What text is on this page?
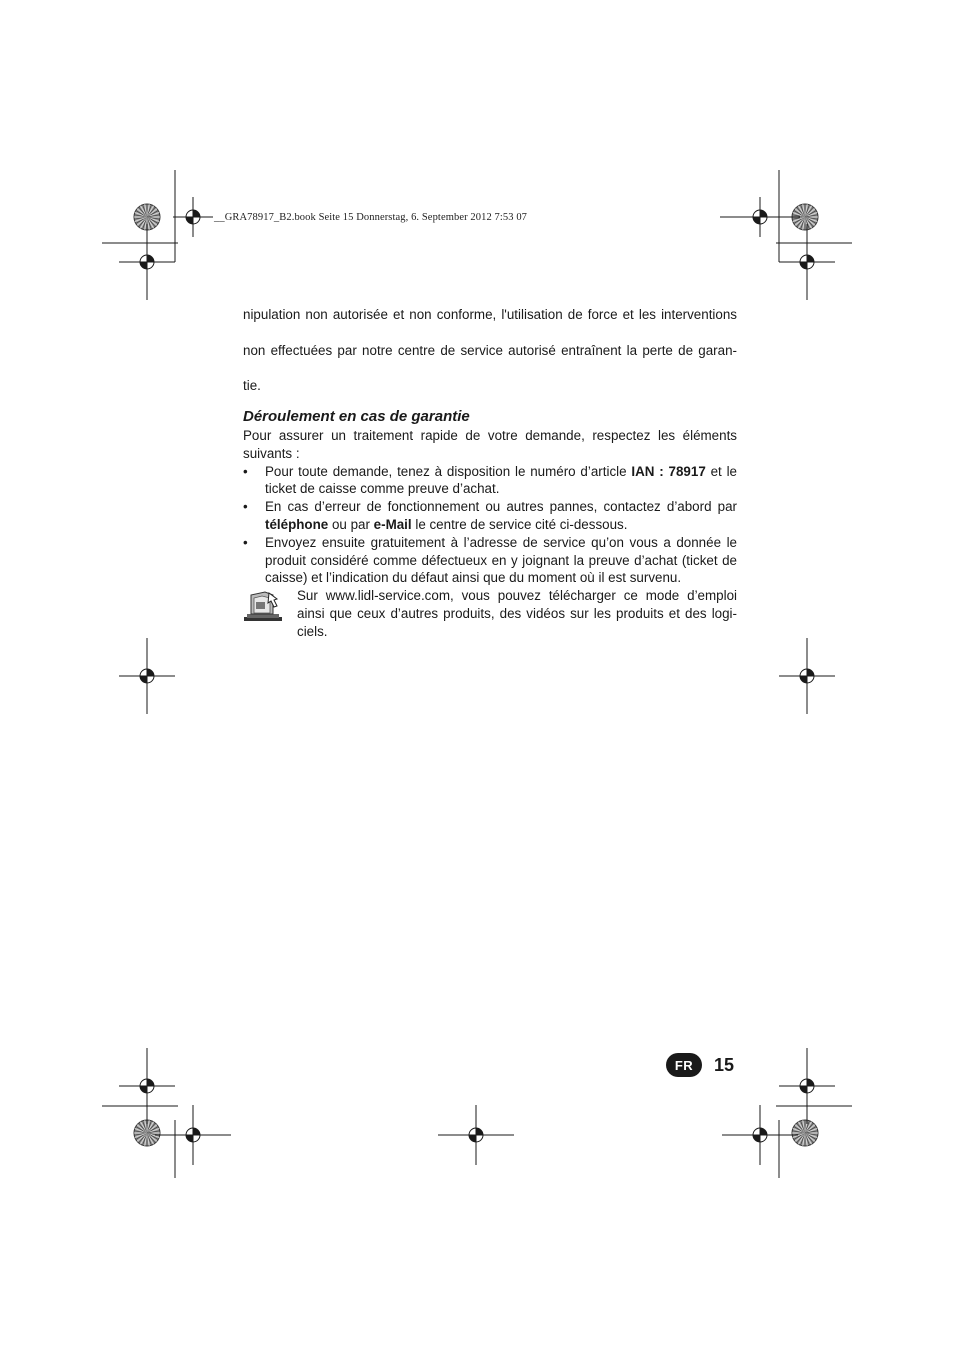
__GRA78917_B2.book Seite 15 Donnerstag, 6. September 2012 7:53 07

nipulation non autorisée et non conforme, l'utilisation de force et les interventions
non effectuées par notre centre de service autorisé entraînent la perte de garan-
tie.

Déroulement en cas de garantie

Pour assurer un traitement rapide de votre demande, respectez les éléments suivants :

• Pour toute demande, tenez à disposition le numéro d’article IAN : 78917 et le ticket de caisse comme preuve d’achat.
• En cas d’erreur de fonctionnement ou autres pannes, contactez d’abord par téléphone ou par e-Mail le centre de service cité ci-dessous.
• Envoyez ensuite gratuitement à l’adresse de service qu’on vous a donnée le produit considéré comme défectueux en y joignant la preuve d’achat (ticket de caisse) et l’indication du défaut ainsi que du moment où il est survenu.

Sur www.lidl-service.com, vous pouvez télécharger ce mode d’emploi ainsi que ceux d’autres produits, des vidéos sur les produits et des logi-ciels.

FR	15
